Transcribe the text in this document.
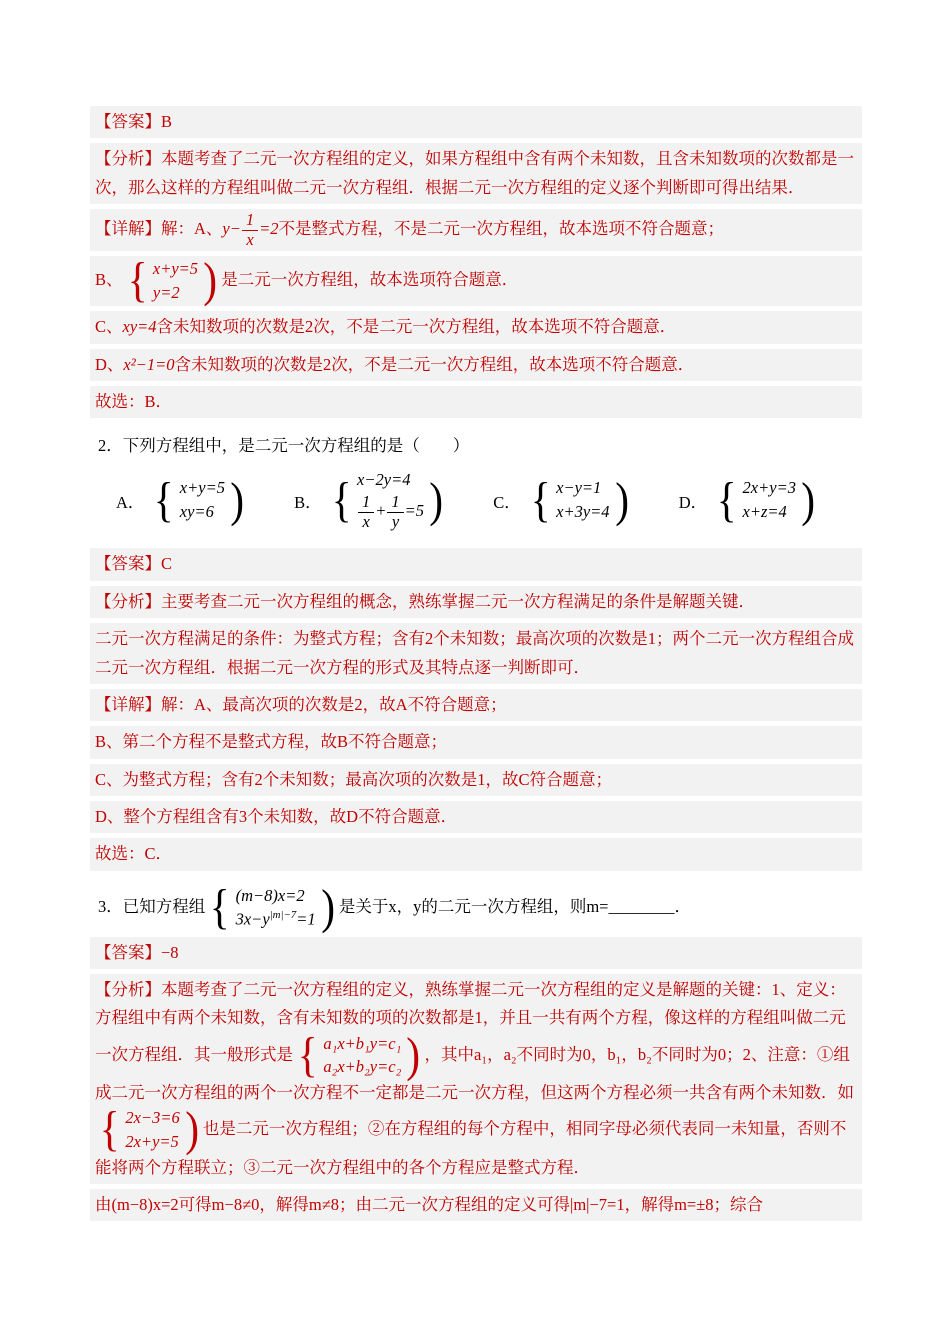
【答案】B

【分析】本题考查了二元一次方程组的定义，如果方程组中含有两个未知数，且含未知数项的次数都是一次，那么这样的方程组叫做二元一次方程组．根据二元一次方程组的定义逐个判断即可得出结果．

【详解】解：A、$y- \frac{1}{x} =2$不是整式方程，不是二元一次方程组，故本选项不符合题意；

B、 { x+y=5
y=2 ) 是二元一次方程组，故本选项符合题意．

C、xy=4含未知数项的次数是2次，不是二元一次方程组，故本选项不符合题意．

D、x²−1=0含未知数项的次数是2次，不是二元一次方程组，故本选项不符合题意．

故选：B．

2．下列方程组中，是二元一次方程组的是（　　）

A． { x+y=5
xy=6 )	B． { x−2y=4
$\frac{1}{x} + \frac{1}{y} =5$ )	C． { x−y=1
x+3y=4 )	D． { 2x+y=3
x+z=4 )

【答案】C

【分析】主要考查二元一次方程组的概念，熟练掌握二元一次方程满足的条件是解题关键．

二元一次方程满足的条件：为整式方程；含有2个未知数；最高次项的次数是1；两个二元一次方程组合成二元一次方程组．根据二元一次方程的形式及其特点逐一判断即可．

【详解】解：A、最高次项的次数是2，故A不符合题意；

B、第二个方程不是整式方程，故B不符合题意；

C、为整式方程；含有2个未知数；最高次项的次数是1，故C符合题意；

D、整个方程组含有3个未知数，故D不符合题意．

故选：C．

3．已知方程组 { (m−8)x=2
$3x-y^{|m|-7}=1$ ) 是关于x，y的二元一次方程组，则m=________．

【答案】−8

【分析】本题考查了二元一次方程组的定义，熟练掌握二元一次方程组的定义是解题的关键：1、定义：方程组中有两个未知数，含有未知数的项的次数都是1，并且一共有两个方程，像这样的方程组叫做二元一次方程组．其一般形式是 { a₁x+b₁y=c₁
a₂x+b₂y=c₂ ) ，其中a₁，a₂不同时为0，b₁，b₂不同时为0；2、注意：①组成二元一次方程组的两个一次方程不一定都是二元一次方程，但这两个方程必须一共含有两个未知数．如
{ 2x−3=6
2x+y=5 ) 也是二元一次方程组；②在方程组的每个方程中，相同字母必须代表同一未知量，否则不能将两个方程联立；③二元一次方程组中的各个方程应是整式方程．

由(m−8)x=2可得m−8≠0，解得m≠8；由二元一次方程组的定义可得|m|−7=1，解得m=±8；综合
